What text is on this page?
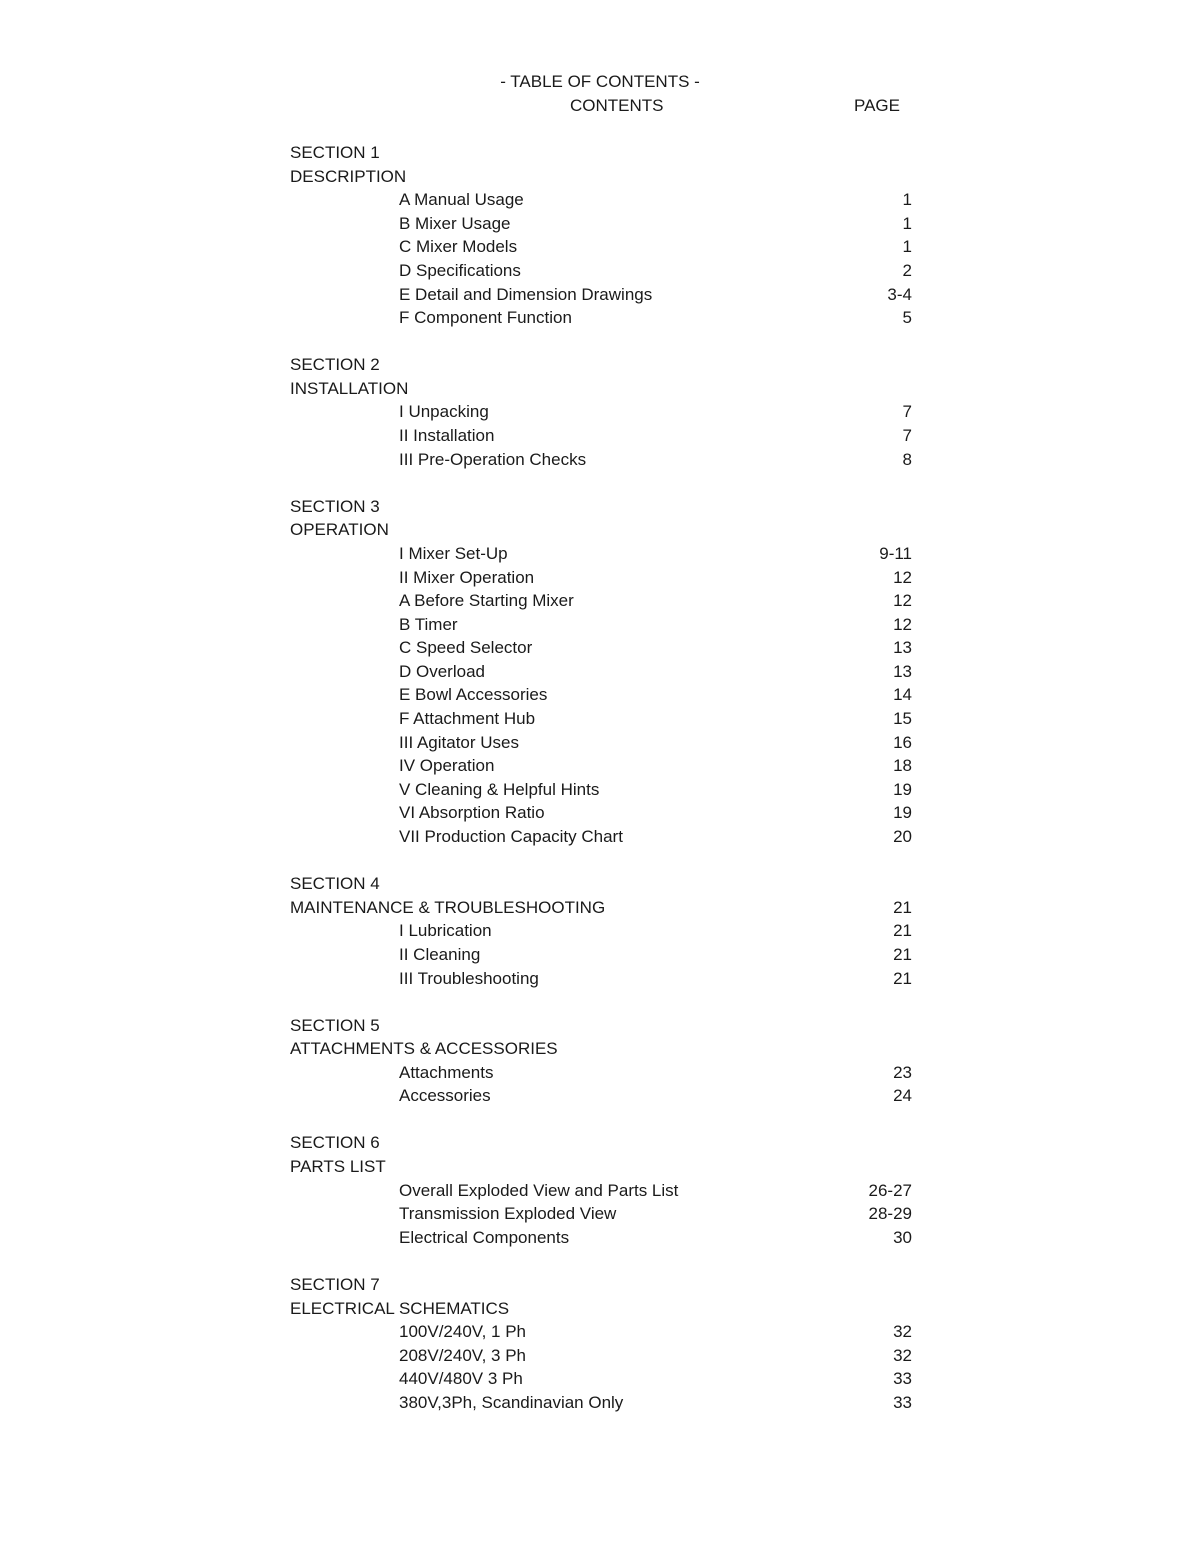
- TABLE OF CONTENTS -
CONTENTS	PAGE
SECTION 1
DESCRIPTION
A Manual Usage	1
B Mixer Usage	1
C Mixer Models	1
D Specifications	2
E Detail and Dimension Drawings	3-4
F Component Function	5
SECTION 2
INSTALLATION
I Unpacking	7
II Installation	7
III Pre-Operation Checks	8
SECTION 3
OPERATION
I Mixer Set-Up	9-11
II Mixer Operation	12
A Before Starting Mixer	12
B Timer	12
C Speed Selector	13
D Overload	13
E Bowl Accessories	14
F Attachment Hub	15
III Agitator Uses	16
IV Operation	18
V Cleaning & Helpful Hints	19
VI Absorption Ratio	19
VII Production Capacity Chart	20
SECTION 4
MAINTENANCE & TROUBLESHOOTING	21
I Lubrication	21
II Cleaning	21
III Troubleshooting	21
SECTION 5
ATTACHMENTS & ACCESSORIES
Attachments	23
Accessories	24
SECTION 6
PARTS LIST
Overall Exploded View and Parts List	26-27
Transmission Exploded View	28-29
Electrical Components	30
SECTION 7
ELECTRICAL SCHEMATICS
100V/240V, 1 Ph	32
208V/240V, 3 Ph	32
440V/480V 3 Ph	33
380V,3Ph, Scandinavian Only	33
